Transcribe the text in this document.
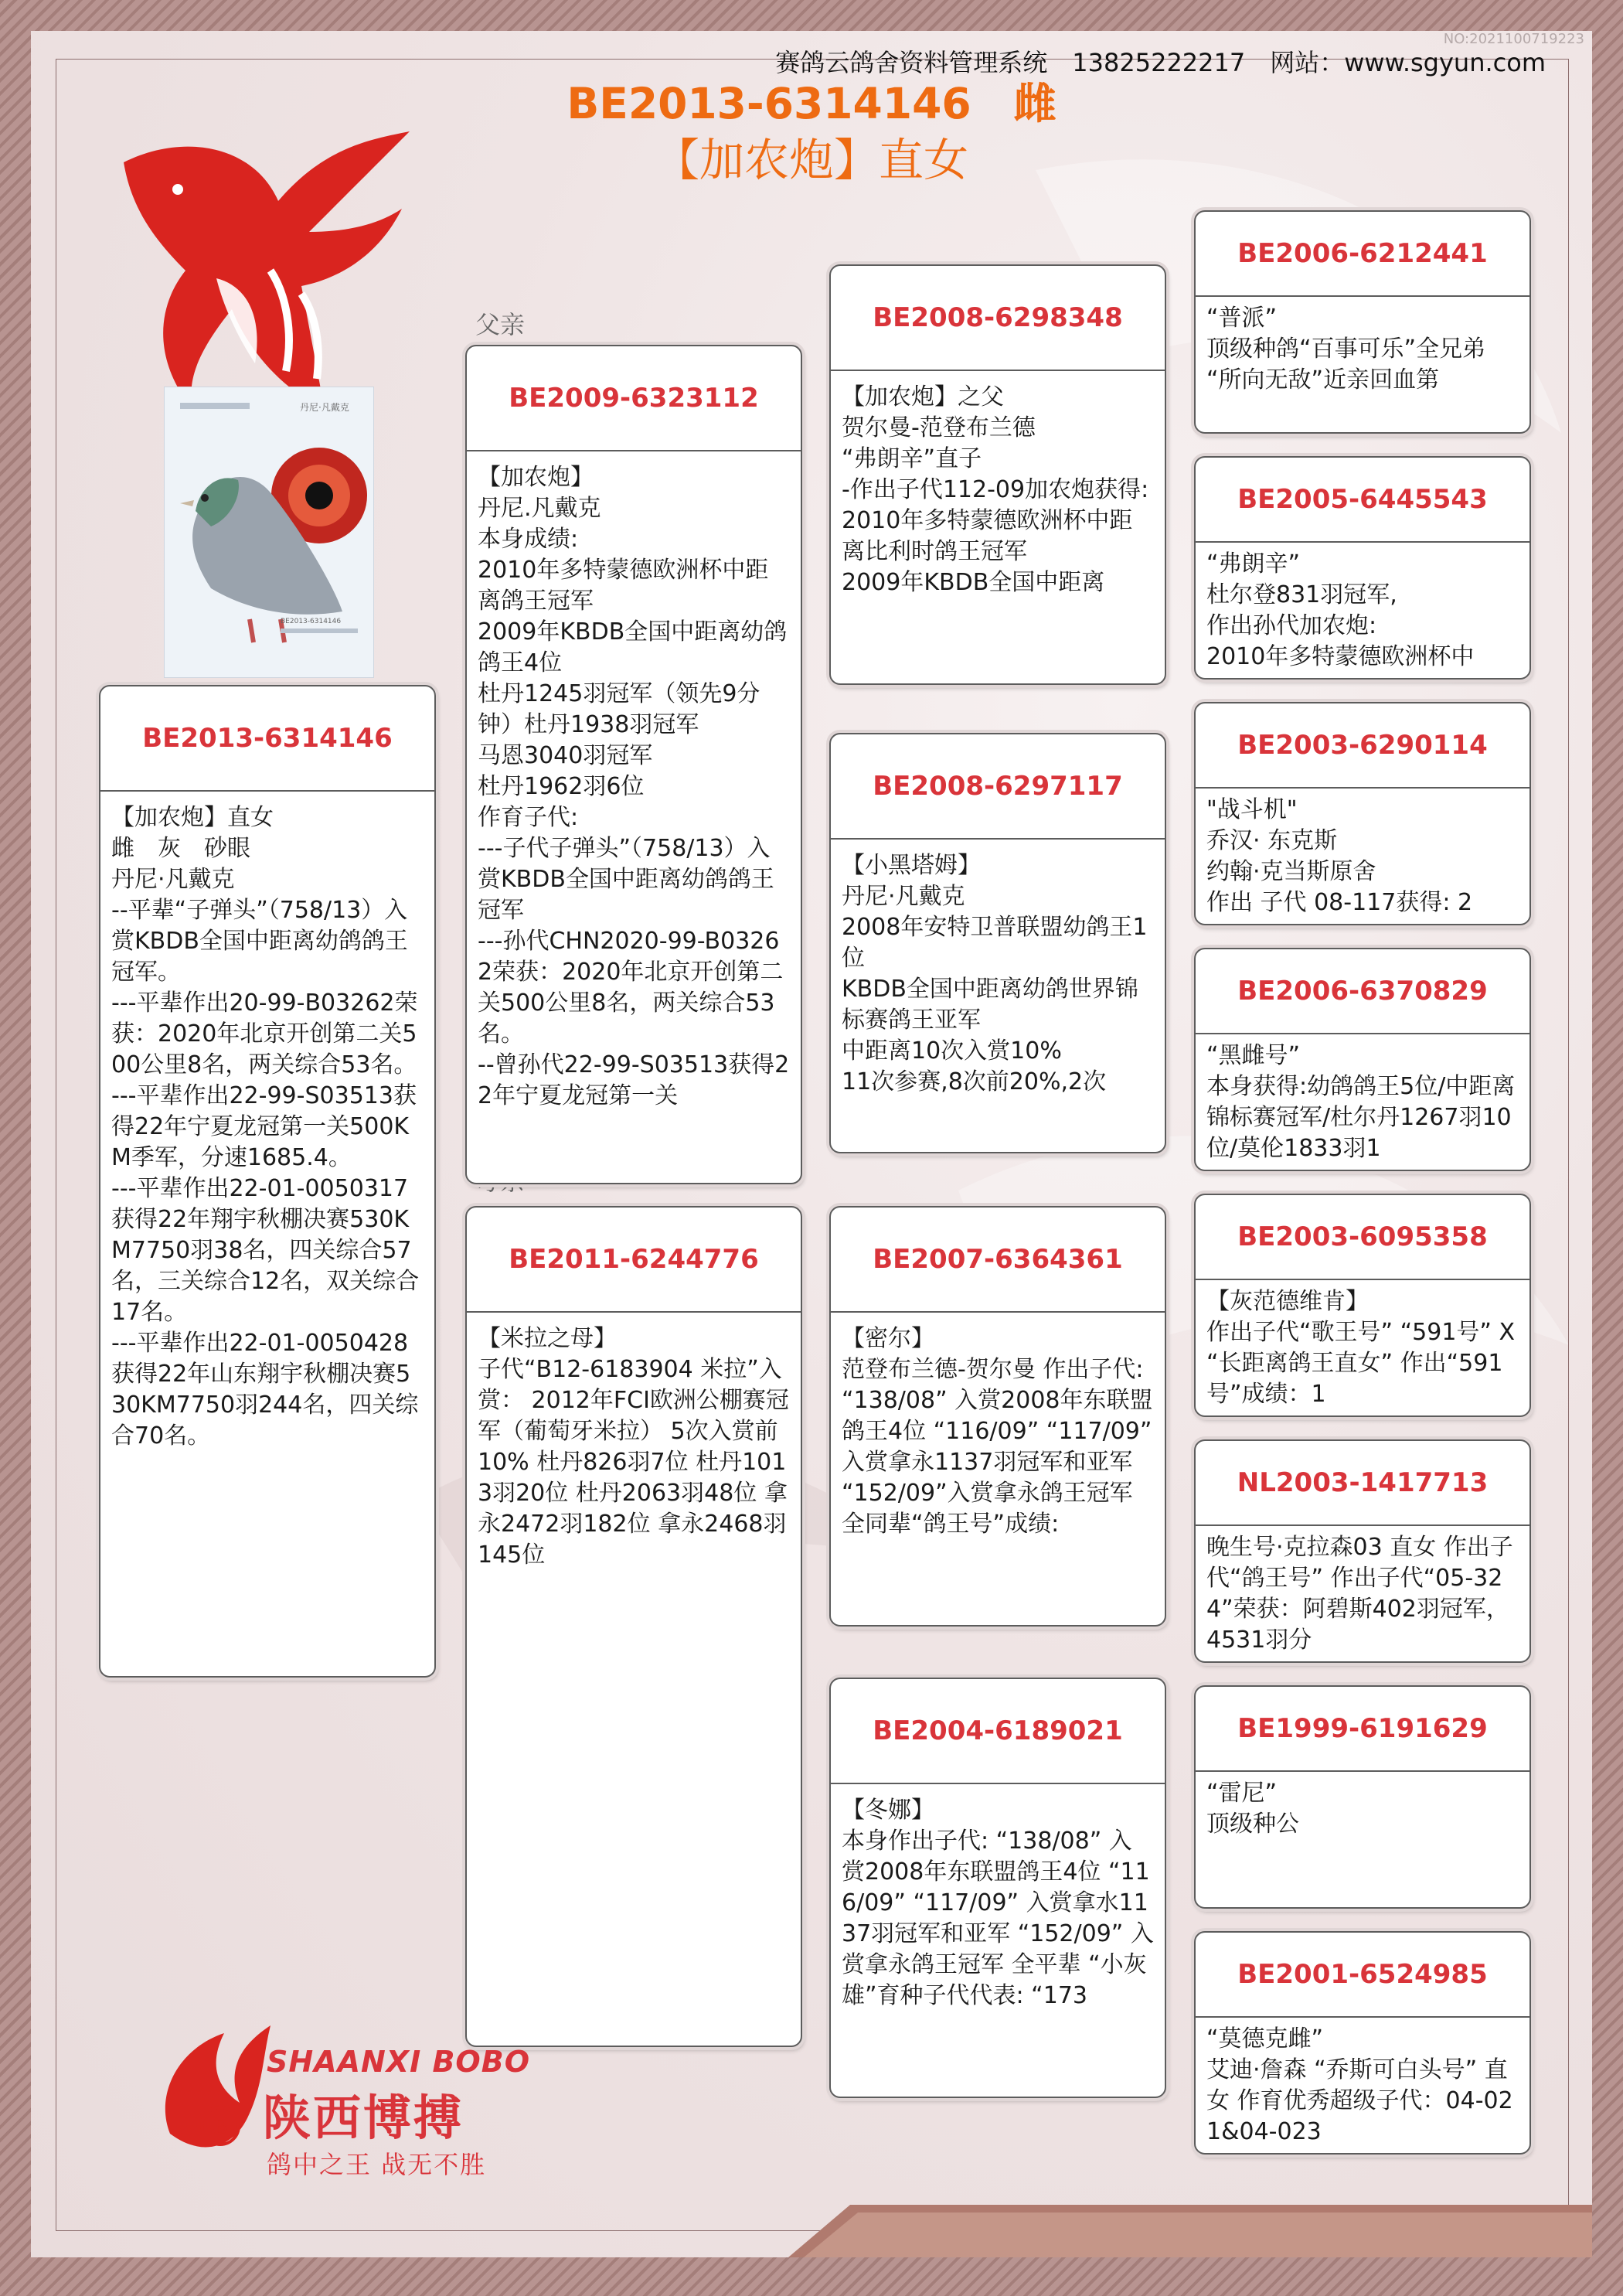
NO:2021100719223
BE2013-6314146　雌
【加农炮】直女
丹尼·凡戴克
BE2013-6314146
父亲
BE2013-6314146
【加农炮】直女
雌　灰　砂眼
丹尼·凡戴克
--平辈“子弹头”（758/13）入赏KBDB全国中距离幼鸽鸽王冠军。
---平辈作出20-99-B03262荣获：2020年北京开创第二关500公里8名，两关综合53名。
---平辈作出22-99-S03513获得22年宁夏龙冠第一关500KM季军，分速1685.4。
---平辈作出22-01-0050317获得22年翔宇秋棚决赛530KM7750羽38名，四关综合57名，三关综合12名，双关综合17名。
---平辈作出22-01-0050428获得22年山东翔宇秋棚决赛530KM7750羽244名，四关综合70名。
BE2009-6323112
【加农炮】
丹尼.凡戴克
本身成绩:
2010年多特蒙德欧洲杯中距离鸽王冠军
2009年KBDB全国中距离幼鸽鸽王4位
杜丹1245羽冠军（领先9分钟）杜丹1938羽冠军
马恩3040羽冠军
杜丹1962羽6位
作育子代:
---子代子弹头”（758/13）入赏KBDB全国中距离幼鸽鸽王冠军
---孙代CHN2020-99-B03262荣获：2020年北京开创第二关500公里8名，两关综合53名。
--曾孙代22-99-S03513获得22年宁夏龙冠第一关
BE2011-6244776
【米拉之母】
子代“B12-6183904 米拉”入赏： 2012年FCI欧洲公棚赛冠军（葡萄牙米拉） 5次入赏前10% 杜丹826羽7位 杜丹1013羽20位 杜丹2063羽48位 拿永2472羽182位 拿永2468羽145位
BE2008-6298348
【加农炮】之父
贺尔曼-范登布兰德
“弗朗辛”直子
-作出子代112-09加农炮获得:
2010年多特蒙德欧洲杯中距离比利时鸽王冠军
2009年KBDB全国中距离
BE2008-6297117
【小黑塔姆】
丹尼·凡戴克
2008年安特卫普联盟幼鸽王1位
KBDB全国中距离幼鸽世界锦标赛鸽王亚军
中距离10次入赏10%
11次参赛,8次前20%,2次
BE2007-6364361
【密尔】
范登布兰德-贺尔曼 作出子代: “138/08” 入赏2008年东联盟鸽王4位 “116/09” “117/09” 入赏拿永1137羽冠军和亚军 “152/09”入赏拿永鸽王冠军 全同辈“鸽王号”成绩:
BE2004-6189021
【冬娜】
本身作出子代: “138/08” 入赏2008年东联盟鸽王4位 “116/09” “117/09” 入赏拿水1137羽冠军和亚军 “152/09” 入赏拿永鸽王冠军 全平辈 “小灰雄”育种子代代表: “173
BE2006-6212441
“普派”
顶级种鸽“百事可乐”全兄弟
“所向无敌”近亲回血第
BE2005-6445543
“弗朗辛”
杜尔登831羽冠军,
作出孙代加农炮:
2010年多特蒙德欧洲杯中
BE2003-6290114
"战斗机"
乔汉· 东克斯
约翰·克当斯原舍
作出 子代 08-117获得: 2
BE2006-6370829
“黑雌号”
本身获得:幼鸽鸽王5位/中距离锦标赛冠军/杜尔丹1267羽10位/莫伦1833羽1
BE2003-6095358
【灰范德维肯】
作出子代“歌王号” “591号” X “长距离鸽王直女” 作出“591号”成绩：1
NL2003-1417713
晚生号·克拉森03 直女 作出子代“鸽王号” 作出子代“05-324”荣获：阿碧斯402羽冠军，4531羽分
BE1999-6191629
“雷尼”
顶级种公
BE2001-6524985
“莫德克雌”
艾迪·詹森 “乔斯可白头号” 直女 作育优秀超级子代：04-021&04-023
B
SHAANXI BOBO
陕西博搏
鸽中之王 战无不胜
赛鸽云鸽舍资料管理系统　13825222217　网站：www.sgyun.com
